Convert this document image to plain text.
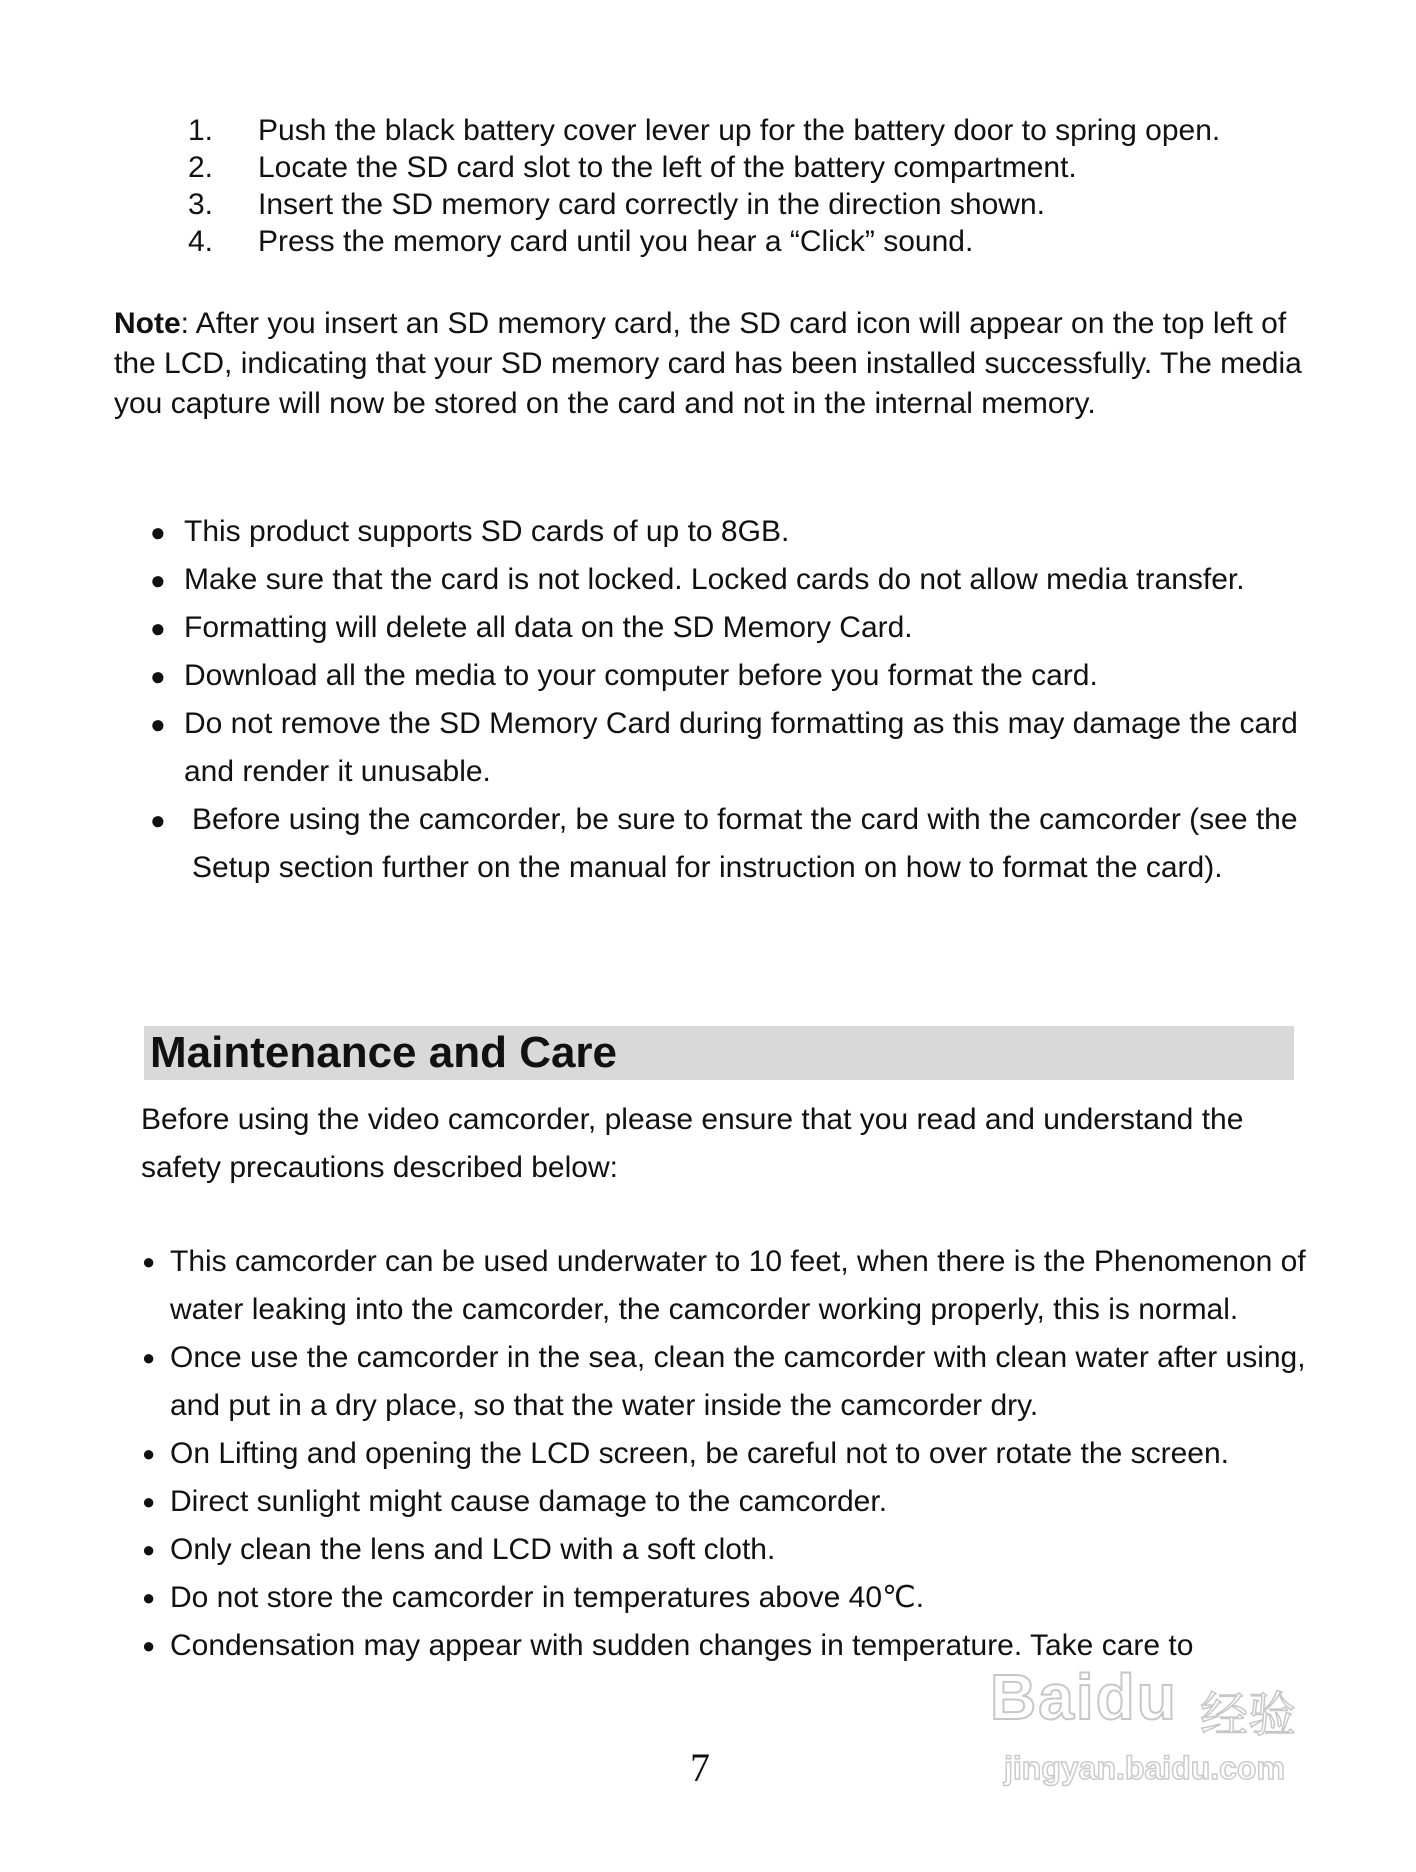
1.	Push the black battery cover lever up for the battery door to spring open.
2.	Locate the SD card slot to the left of the battery compartment.
3.	Insert the SD memory card correctly in the direction shown.
4.	Press the memory card until you hear a “Click” sound.

Note: After you insert an SD memory card, the SD card icon will appear on the top left of the LCD, indicating that your SD memory card has been installed successfully. The media you capture will now be stored on the card and not in the internal memory.

● This product supports SD cards of up to 8GB.
● Make sure that the card is not locked. Locked cards do not allow media transfer.
● Formatting will delete all data on the SD Memory Card.
● Download all the media to your computer before you format the card.
● Do not remove the SD Memory Card during formatting as this may damage the card and render it unusable.
● Before using the camcorder, be sure to format the card with the camcorder (see the Setup section further on the manual for instruction on how to format the card).
Maintenance and Care

Before using the video camcorder, please ensure that you read and understand the safety precautions described below:

● This camcorder can be used underwater to 10 feet, when there is the Phenomenon of water leaking into the camcorder, the camcorder working properly, this is normal.
● Once use the camcorder in the sea, clean the camcorder with clean water after using, and put in a dry place, so that the water inside the camcorder dry.
● On Lifting and opening the LCD screen, be careful not to over rotate the screen.
● Direct sunlight might cause damage to the camcorder.
● Only clean the lens and LCD with a soft cloth.
● Do not store the camcorder in temperatures above 40℃.
● Condensation may appear with sudden changes in temperature. Take care to
7
Baidu 经验
jingyan.baidu.com
